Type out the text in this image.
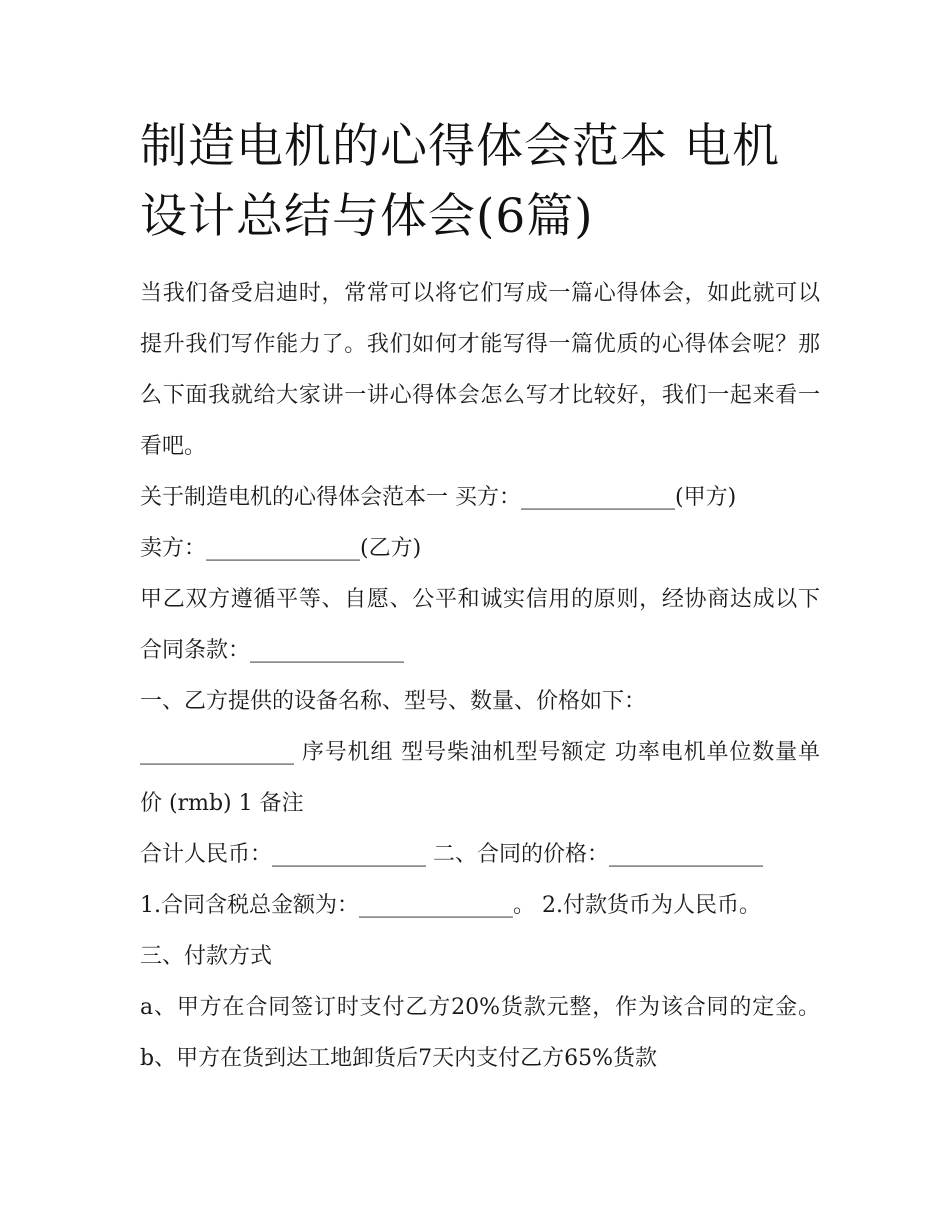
制造电机的心得体会范本 电机设计总结与体会(6篇)

当我们备受启迪时，常常可以将它们写成一篇心得体会，如此就可以提升我们写作能力了。我们如何才能写得一篇优质的心得体会呢？那么下面我就给大家讲一讲心得体会怎么写才比较好，我们一起来看一看吧。

关于制造电机的心得体会范本一 买方：______________(甲方)

卖方：______________(乙方)

甲乙双方遵循平等、自愿、公平和诚实信用的原则，经协商达成以下合同条款：______________

一、乙方提供的设备名称、型号、数量、价格如下：

______________ 序号机组 型号柴油机型号额定 功率电机单位数量单价 (rmb) 1 备注

合计人民币：______________ 二、合同的价格：______________

1.合同含税总金额为：______________。 2.付款货币为人民币。

三、付款方式

a、甲方在合同签订时支付乙方20%货款元整，作为该合同的定金。 b、甲方在货到达工地卸货后7天内支付乙方65%货款
